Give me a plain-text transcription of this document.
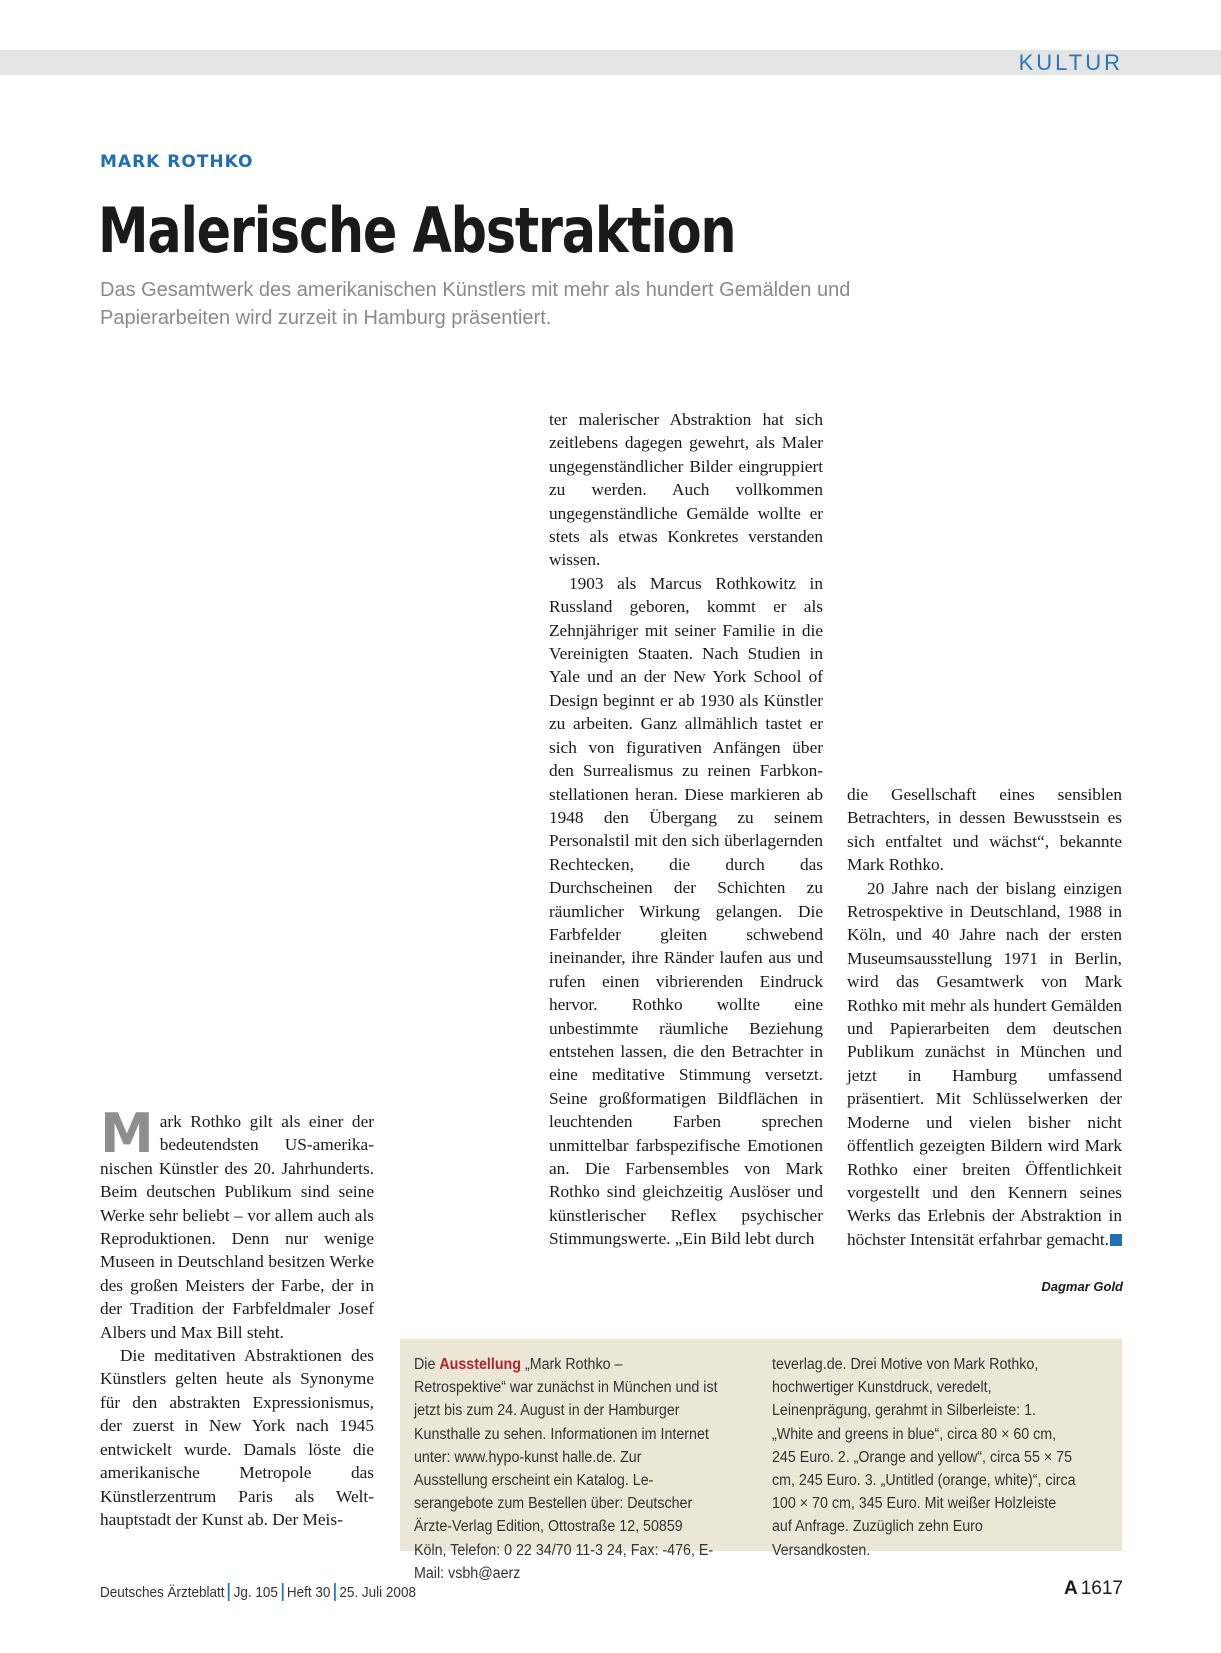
KULTUR
MARK ROTHKO
Malerische Abstraktion

Das Gesamtwerk des amerikanischen Künstlers mit mehr als hundert Gemälden und Papierarbeiten wird zurzeit in Hamburg präsentiert.

Mark Rothko gilt als einer der bedeutendsten US-amerikanischen Künstler des 20. Jahrhunderts. Beim deutschen Publikum sind seine Werke sehr beliebt – vor allem auch als Reproduktionen. Denn nur wenige Museen in Deutschland besitzen Werke des großen Meisters der Farbe, der in der Tradition der Farbfeldmaler Josef Albers und Max Bill steht.

Die meditativen Abstraktionen des Künstlers gelten heute als Synonyme für den abstrakten Expressionismus, der zuerst in New York nach 1945 entwickelt wurde. Damals löste die amerikanische Metropole das Künstlerzentrum Paris als Welthauptstadt der Kunst ab. Der Meis-

ter malerischer Abstraktion hat sich zeitlebens dagegen gewehrt, als Maler ungegenständlicher Bilder eingruppiert zu werden. Auch vollkommen ungegenständliche Gemälde wollte er stets als etwas Konkretes verstanden wissen.

1903 als Marcus Rothkowitz in Russland geboren, kommt er als Zehnjähriger mit seiner Familie in die Vereinigten Staaten. Nach Studien in Yale und an der New York School of Design beginnt er ab 1930 als Künstler zu arbeiten. Ganz allmählich tastet er sich von figurativen Anfängen über den Surrealismus zu reinen Farbkonstellationen heran. Diese markieren ab 1948 den Übergang zu seinem Personalstil mit den sich überlagernden Rechtecken, die durch das Durchscheinen der Schichten zu räumlicher Wirkung gelangen. Die Farbfelder gleiten schwebend ineinander, ihre Ränder laufen aus und rufen einen vibrierenden Eindruck hervor. Rothko wollte eine unbestimmte räumliche Beziehung entstehen lassen, die den Betrachter in eine meditative Stimmung versetzt. Seine großformatigen Bildflächen in leuchtenden Farben sprechen unmittelbar farbspezifische Emotionen an. Die Farbensembles von Mark Rothko sind gleichzeitig Auslöser und künstlerischer Reflex psychischer Stimmungswerte. „Ein Bild lebt durch

die Gesellschaft eines sensiblen Betrachters, in dessen Bewusstsein es sich entfaltet und wächst“, bekannte Mark Rothko.

20 Jahre nach der bislang einzigen Retrospektive in Deutschland, 1988 in Köln, und 40 Jahre nach der ersten Museumsausstellung 1971 in Berlin, wird das Gesamtwerk von Mark Rothko mit mehr als hundert Gemälden und Papierarbeiten dem deutschen Publikum zunächst in München und jetzt in Hamburg umfassend präsentiert. Mit Schlüsselwerken der Moderne und vielen bisher nicht öffentlich gezeigten Bildern wird Mark Rothko einer breiten Öffentlichkeit vorgestellt und den Kennern seines Werks das Erlebnis der Abstraktion in höchster Intensität erfahrbar gemacht.

Dagmar Gold
Die Ausstellung „Mark Rothko – Retrospektive“ war zunächst in München und ist jetzt bis zum 24. August in der Hamburger Kunsthalle zu sehen. Informationen im Internet unter: www.hypo-kunst halle.de. Zur Ausstellung erscheint ein Katalog. Leserangebote zum Bestellen über: Deutscher Ärzte-Verlag Edition, Ottostraße 12, 50859 Köln, Telefon: 0 22 34/70 11-3 24, Fax: -476, E-Mail: vsbh@aerz
teverlag.de. Drei Motive von Mark Rothko, hochwertiger Kunstdruck, veredelt, Leinenprägung, gerahmt in Silberleiste: 1. „White and greens in blue“, circa 80 × 60 cm, 245 Euro. 2. „Orange and yellow“, circa 55 × 75 cm, 245 Euro. 3. „Untitled (orange, white)“, circa 100 × 70 cm, 345 Euro. Mit weißer Holzleiste auf Anfrage. Zuzüglich zehn Euro Versandkosten.
Deutsches Ärzteblatt Jg. 105 Heft 30 25. Juli 2008	A 1617
